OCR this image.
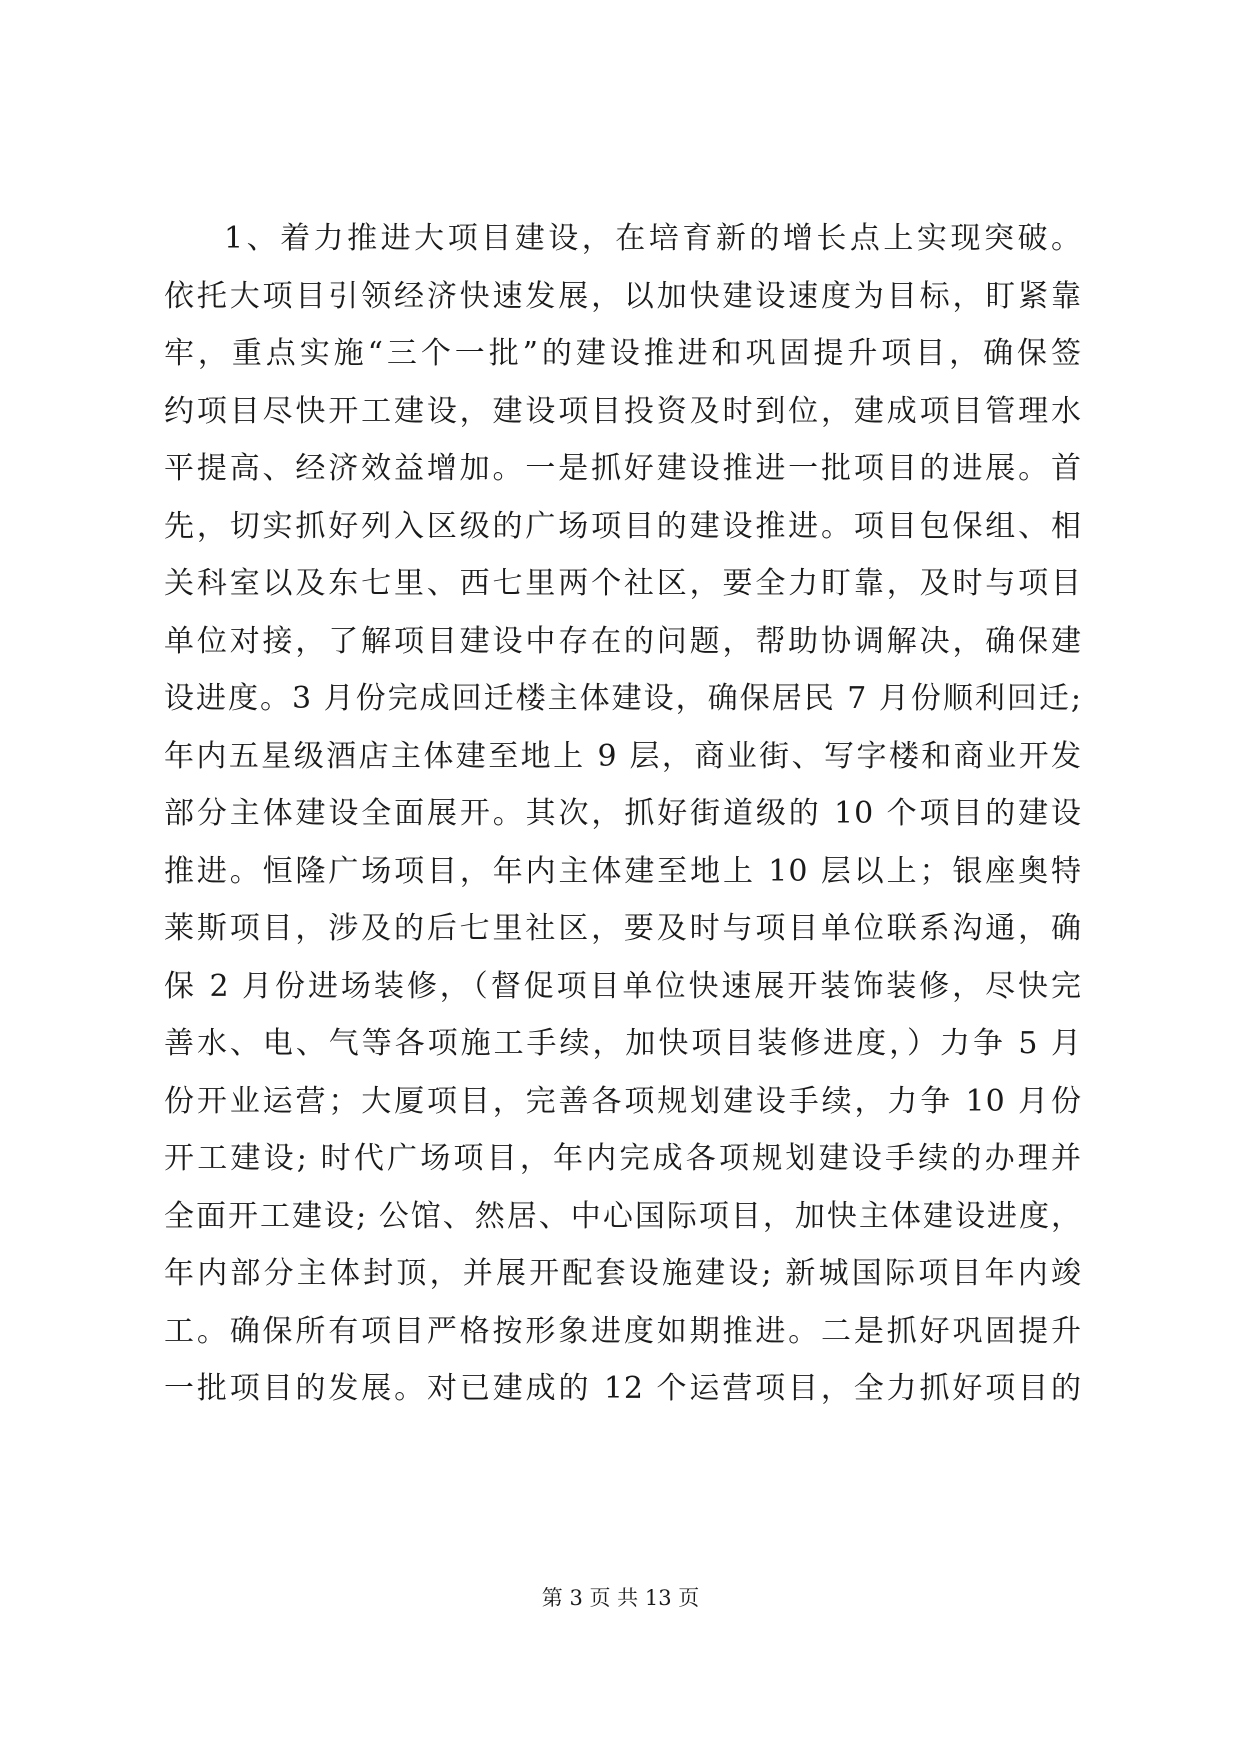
1、着力推进大项目建设，在培育新的增长点上实现突破。
依托大项目引领经济快速发展，以加快建设速度为目标，盯紧靠
牢，重点实施“三个一批”的建设推进和巩固提升项目，确保签
约项目尽快开工建设，建设项目投资及时到位，建成项目管理水
平提高、经济效益增加。一是抓好建设推进一批项目的进展。首
先，切实抓好列入区级的广场项目的建设推进。项目包保组、相
关科室以及东七里、西七里两个社区，要全力盯靠，及时与项目
单位对接，了解项目建设中存在的问题，帮助协调解决，确保建
设进度。3 月份完成回迁楼主体建设，确保居民 7 月份顺利回迁;
年内五星级酒店主体建至地上 9 层，商业街、写字楼和商业开发
部分主体建设全面展开。其次，抓好街道级的 10 个项目的建设
推进。恒隆广场项目，年内主体建至地上 10 层以上；银座奥特
莱斯项目，涉及的后七里社区，要及时与项目单位联系沟通，确
保 2 月份进场装修，（督促项目单位快速展开装饰装修，尽快完
善水、电、气等各项施工手续，加快项目装修进度，）力争 5 月
份开业运营；大厦项目，完善各项规划建设手续，力争 10 月份
开工建设; 时代广场项目，年内完成各项规划建设手续的办理并
全面开工建设; 公馆、然居、中心国际项目，加快主体建设进度，
年内部分主体封顶，并展开配套设施建设; 新城国际项目年内竣
工。确保所有项目严格按形象进度如期推进。二是抓好巩固提升
一批项目的发展。对已建成的 12 个运营项目，全力抓好项目的
第 3 页 共 13 页
